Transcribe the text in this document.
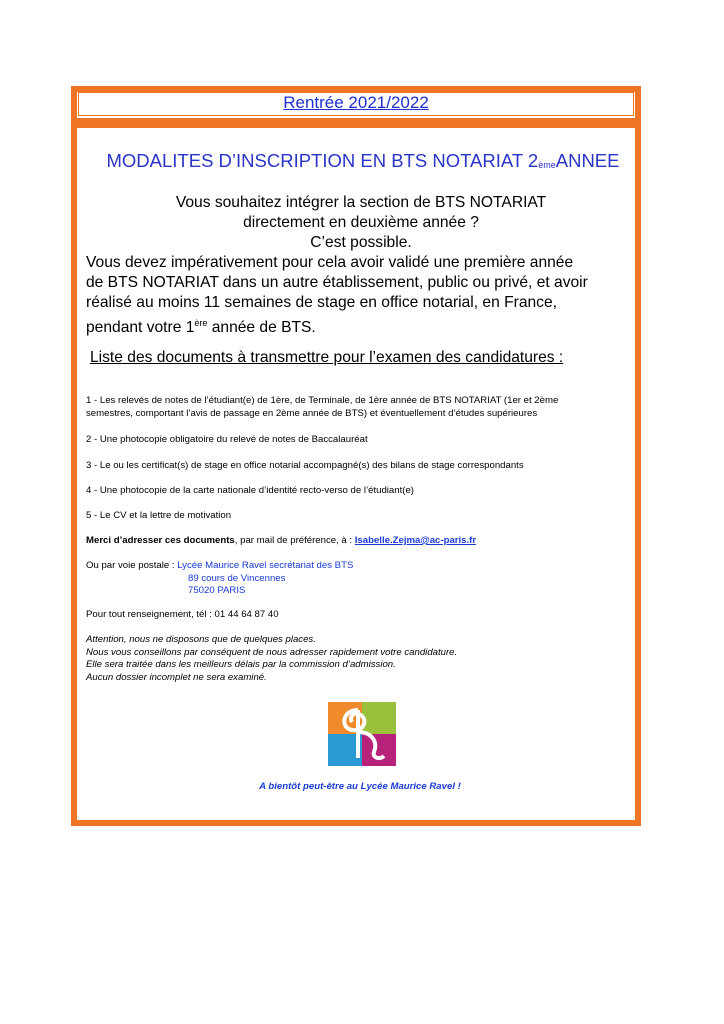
Rentrée 2021/2022
MODALITES D’INSCRIPTION EN BTS NOTARIAT 2èmeANNEE

Vous souhaitez intégrer la section de BTS NOTARIAT

directement en deuxième année ?

C’est possible.

Vous devez impérativement pour cela avoir validé une première année

de BTS NOTARIAT dans un autre établissement, public ou privé, et avoir

réalisé au moins 11 semaines de stage en office notarial, en France,

pendant votre 1ère année de BTS.

Liste des documents à transmettre pour l’examen des candidatures :
1 - Les relevés de notes de l’étudiant(e) de 1ère, de Terminale, de 1ère année de BTS NOTARIAT (1er et 2ème
semestres, comportant l’avis de passage en 2ème année de BTS) et éventuellement d’études supérieures
2 - Une photocopie obligatoire du relevé de notes de Baccalauréat
3 - Le ou les certificat(s) de stage en office notarial accompagné(s) des bilans de stage correspondants
4 - Une photocopie de la carte nationale d’identité recto-verso de l’étudiant(e)
5 - Le CV et la lettre de motivation
Merci d’adresser ces documents, par mail de préférence, à : Isabelle.Zejma@ac-paris.fr
Ou par voie postale : Lycée Maurice Ravel secrétariat des BTS
89 cours de Vincennes
75020 PARIS
Pour tout renseignement, tél : 01 44 64 87 40
Attention, nous ne disposons que de quelques places.
Nous vous conseillons par conséquent de nous adresser rapidement votre candidature.
Elle sera traitée dans les meilleurs délais par la commission d’admission.
Aucun dossier incomplet ne sera examiné.
A bientôt peut-être au Lycée Maurice Ravel !
